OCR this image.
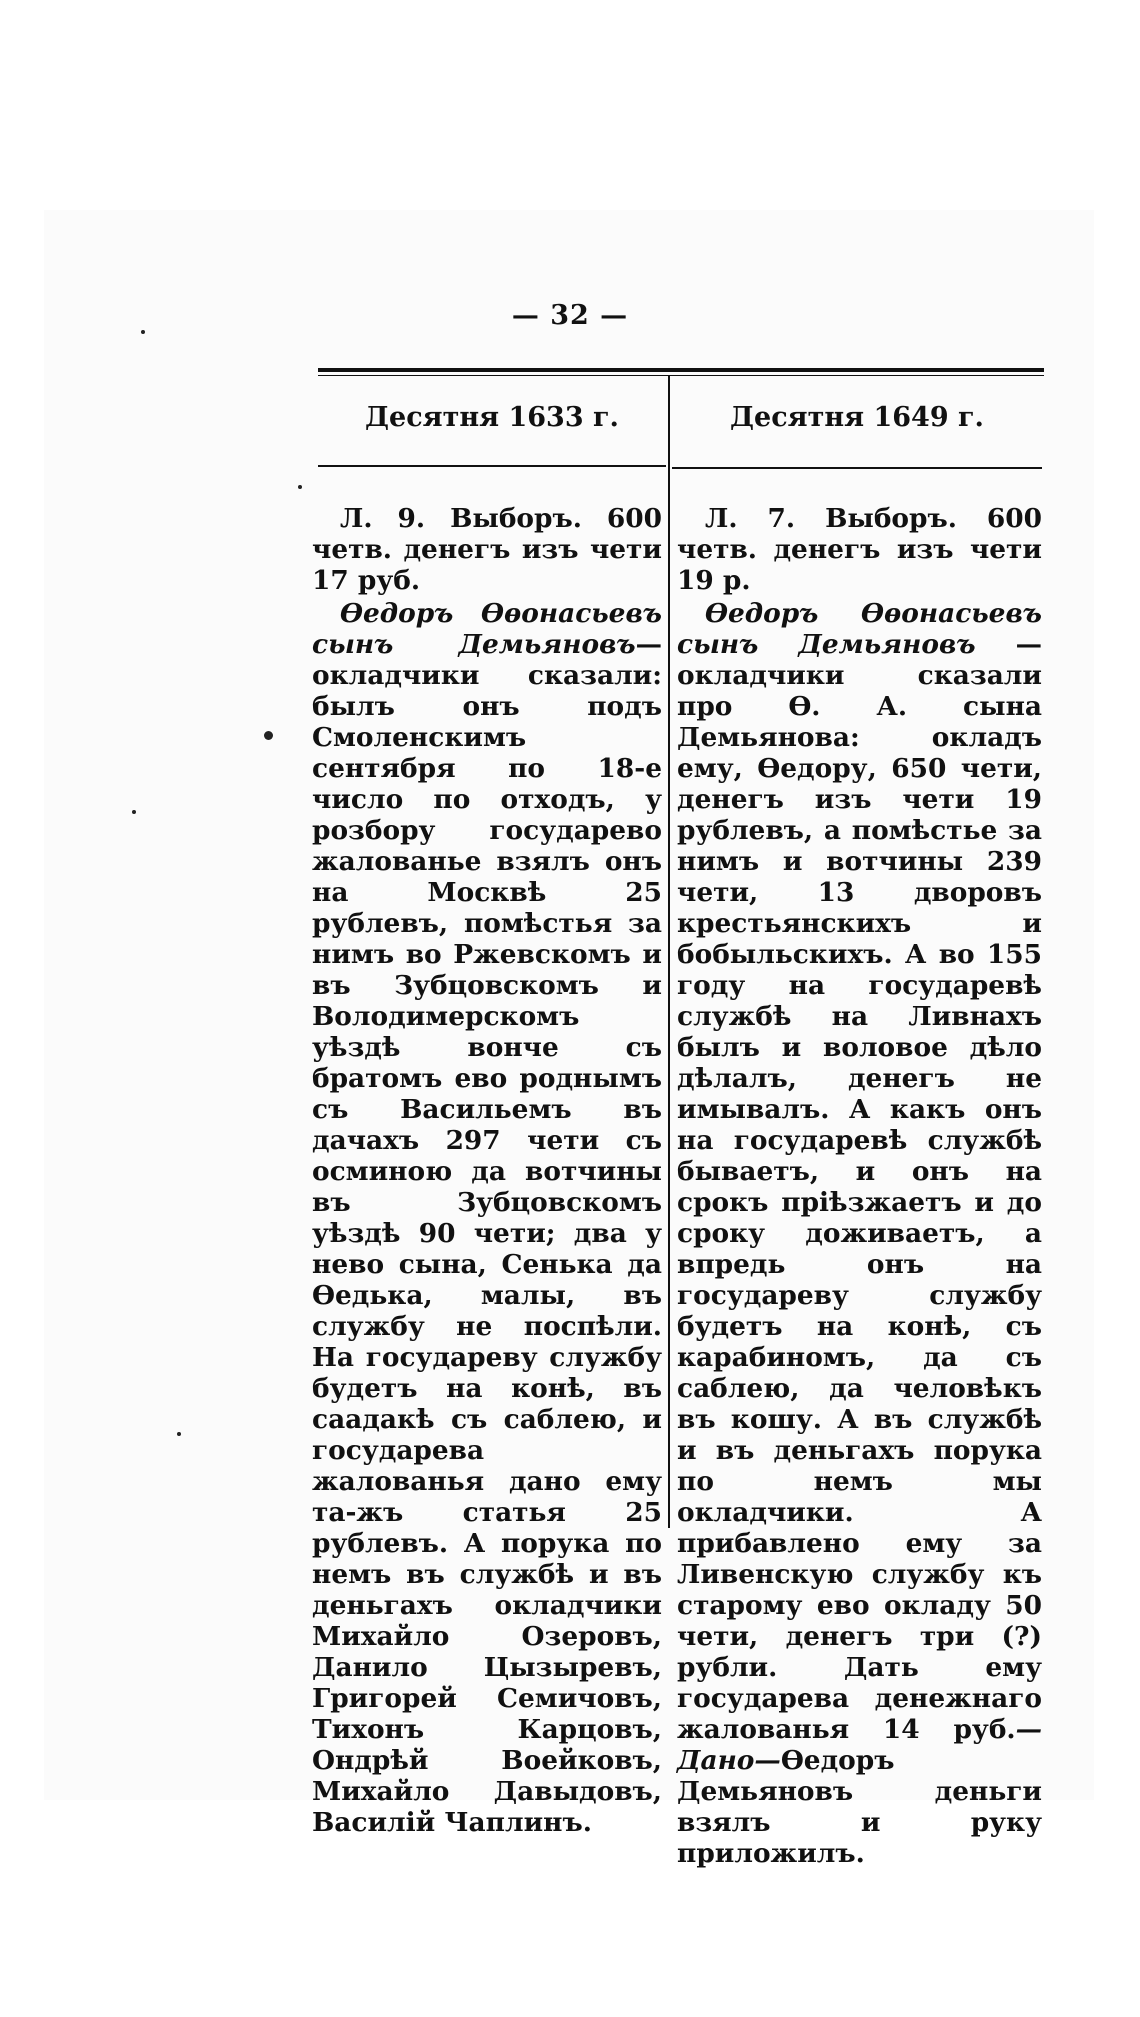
— 32 —
Десятня 1633 г.	Десятня 1649 г.

Л. 9. Выборъ. 600 четв. денегъ изъ чети 17 руб.

Өедоръ Өѳонасьевъ сынъ Демьяновъ—окладчики сказали: былъ онъ подъ Смоленскимъ сентября по 18-е число по отходъ, у розбору государево жалованье взялъ онъ на Москвѣ 25 рублевъ, помѣстья за нимъ во Ржевскомъ и въ Зубцовскомъ и Володимерскомъ уѣздѣ вонче съ братомъ ево роднымъ съ Васильемъ въ дачахъ 297 чети съ осминою да вотчины въ Зубцовскомъ уѣздѣ 90 чети; два у нево сына, Сенька да Өедька, малы, въ службу не поспѣли. На государеву службу будетъ на конѣ, въ саадакѣ съ саблею, и государева жалованья дано ему та-жъ статья 25 рублевъ. А порука по немъ въ службѣ и въ деньгахъ окладчики Михайло Озеровъ, Данило Цызыревъ, Григорей Семичовъ, Тихонъ Карцовъ, Ондрѣй Воейковъ, Михайло Давыдовъ, Василій Чаплинъ.

Л. 7. Выборъ. 600 четв. денегъ изъ чети 19 р.

Өедоръ Өѳонасьевъ сынъ Демьяновъ —окладчики сказали про Ө. А. сына Демьянова: окладъ ему, Өедору, 650 чети, денегъ изъ чети 19 рублевъ, а помѣстье за нимъ и вотчины 239 чети, 13 дворовъ крестьянскихъ и бобыльскихъ. А во 155 году на государевѣ службѣ на Ливнахъ былъ и воловое дѣло дѣлалъ, денегъ не имывалъ. А какъ онъ на государевѣ службѣ бываетъ, и онъ на срокъ прiѣзжаетъ и до сроку доживаетъ, а впредь онъ на государеву службу будетъ на конѣ, съ карабиномъ, да съ саблею, да человѣкъ въ кошу. А въ службѣ и въ деньгахъ порука по немъ мы окладчики. А прибавлено ему за Ливенскую службу къ старому ево окладу 50 чети, денегъ три (?) рубли. Дать ему государева денежнаго жалованья 14 руб.—Дано—Өедоръ Демьяновъ деньги взялъ и руку приложилъ.
